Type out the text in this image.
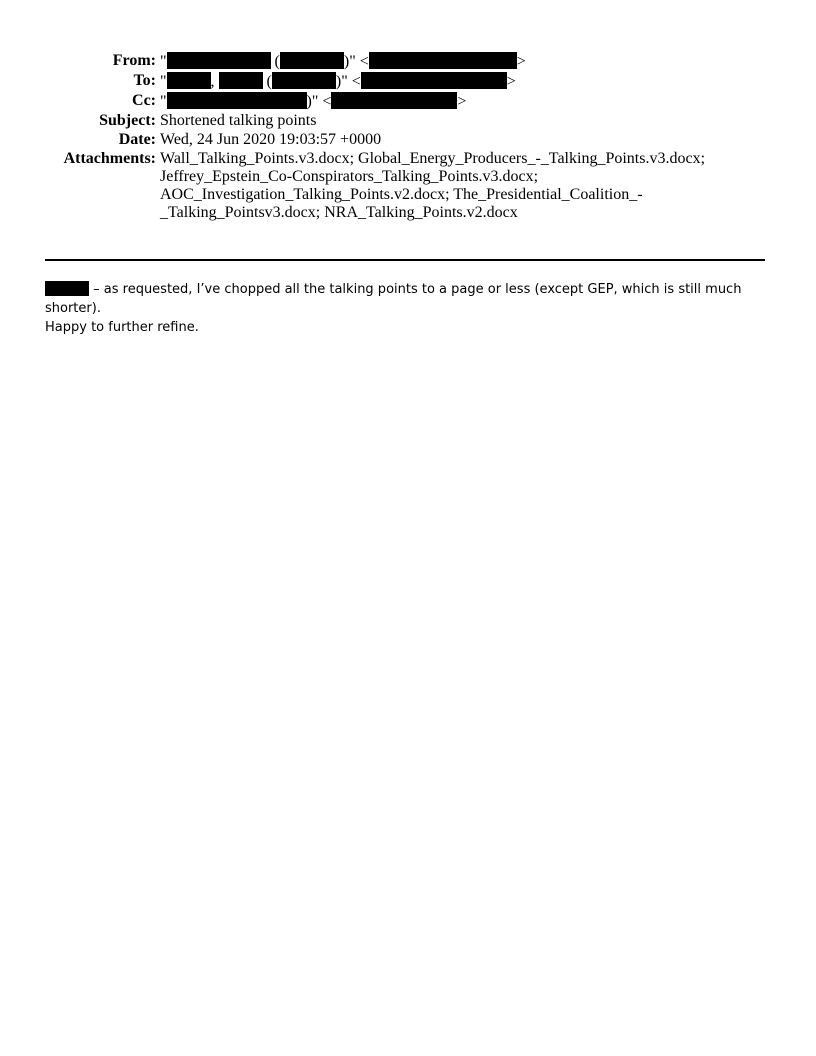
From: "	(	)" <	>
To: "	,	(	)" <	>
Cc: "	)" <	>
Subject: Shortened talking points
Date: Wed, 24 Jun 2020 19:03:57 +0000
Attachments: Wall_Talking_Points.v3.docx; Global_Energy_Producers_-_Talking_Points.v3.docx;
Jeffrey_Epstein_Co-Conspirators_Talking_Points.v3.docx;
AOC_Investigation_Talking_Points.v2.docx; The_Presidential_Coalition_-
_Talking_Pointsv3.docx; NRA_Talking_Points.v2.docx
– as requested, I’ve chopped all the talking points to a page or less (except GEP, which is still much shorter).
Happy to further refine.
